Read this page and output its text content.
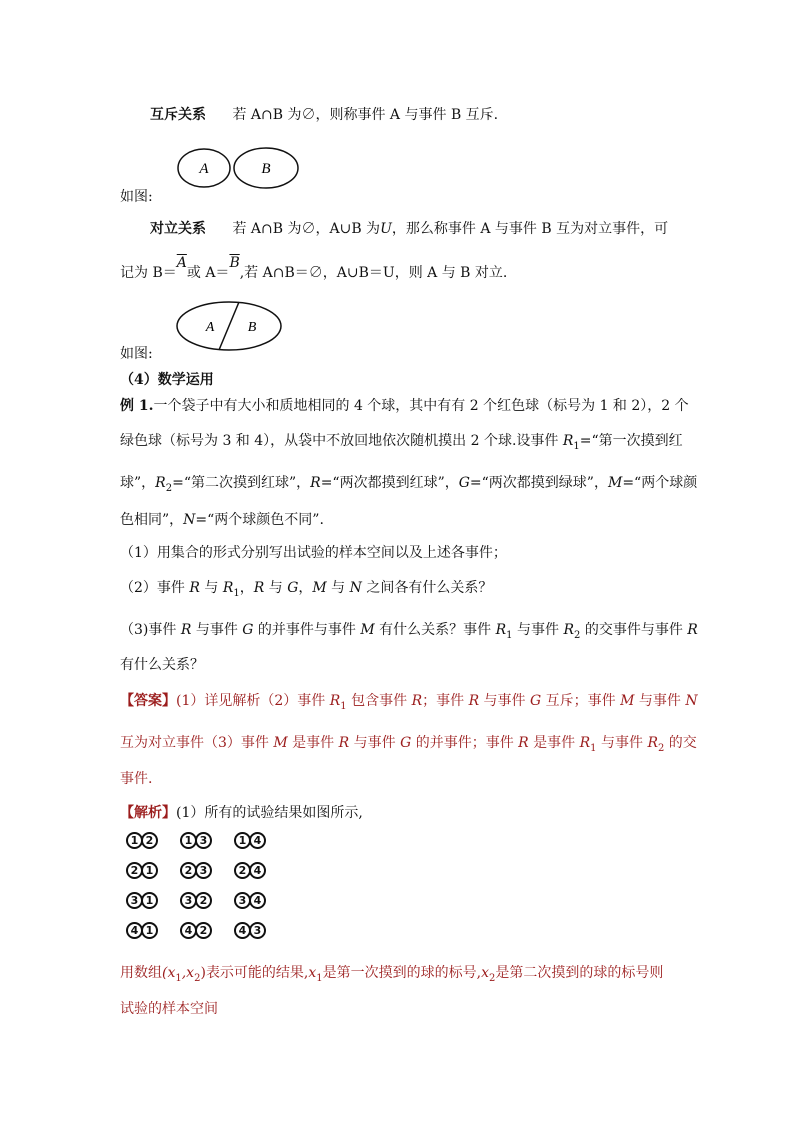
互斥关系 若 A∩B 为∅，则称事件 A 与事件 B 互斥.
A	B
如图:
对立关系 若 A∩B 为∅，A∪B 为U，那么称事件 A 与事件 B 互为对立事件，可
记为 $B=\overline{A}$或 $A=\overline{B}$,若 A∩B＝∅，A∪B＝U，则 A 与 B 对立.
A B
如图:
（4）数学运用
例 1.一个袋子中有大小和质地相同的 4 个球，其中有有 2 个红色球（标号为 1 和 2），2 个
绿色球（标号为 3 和 4），从袋中不放回地依次随机摸出 2 个球.设事件 $R_1=“$第一次摸到红
球”，$R_2=“$第二次摸到红球”，R=“两次都摸到红球”，G=“两次都摸到绿球”，M=“两个球颜
色相同”，N=“两个球颜色不同”.
（1）用集合的形式分别写出试验的样本空间以及上述各事件；
（2）事件 R 与 $R_1$，R 与 G，M 与 N 之间各有什么关系？
（3)事件 R 与事件 G 的并事件与事件 M 有什么关系？事件 $R_1$ 与事件 $R_2$ 的交事件与事件 R
有什么关系？
【答案】(1）详见解析（2）事件 $R_1$ 包含事件 R；事件 R 与事件 G 互斥；事件 M 与事件 N
互为对立事件（3）事件 M 是事件 R 与事件 G 的并事件；事件 R 是事件 $R_1$ 与事件 $R_2$ 的交
事件.
【解析】(1）所有的试验结果如图所示,
1 2	1 3	1 4
2 1	2 3	2 4
3 1	3 2	3 4
4 1	4 2	4 3
用数组$(x_1,x_2)$表示可能的结果$,x_1$是第一次摸到的球的标号$,x_2$是第二次摸到的球的标号则
试验的样本空间
